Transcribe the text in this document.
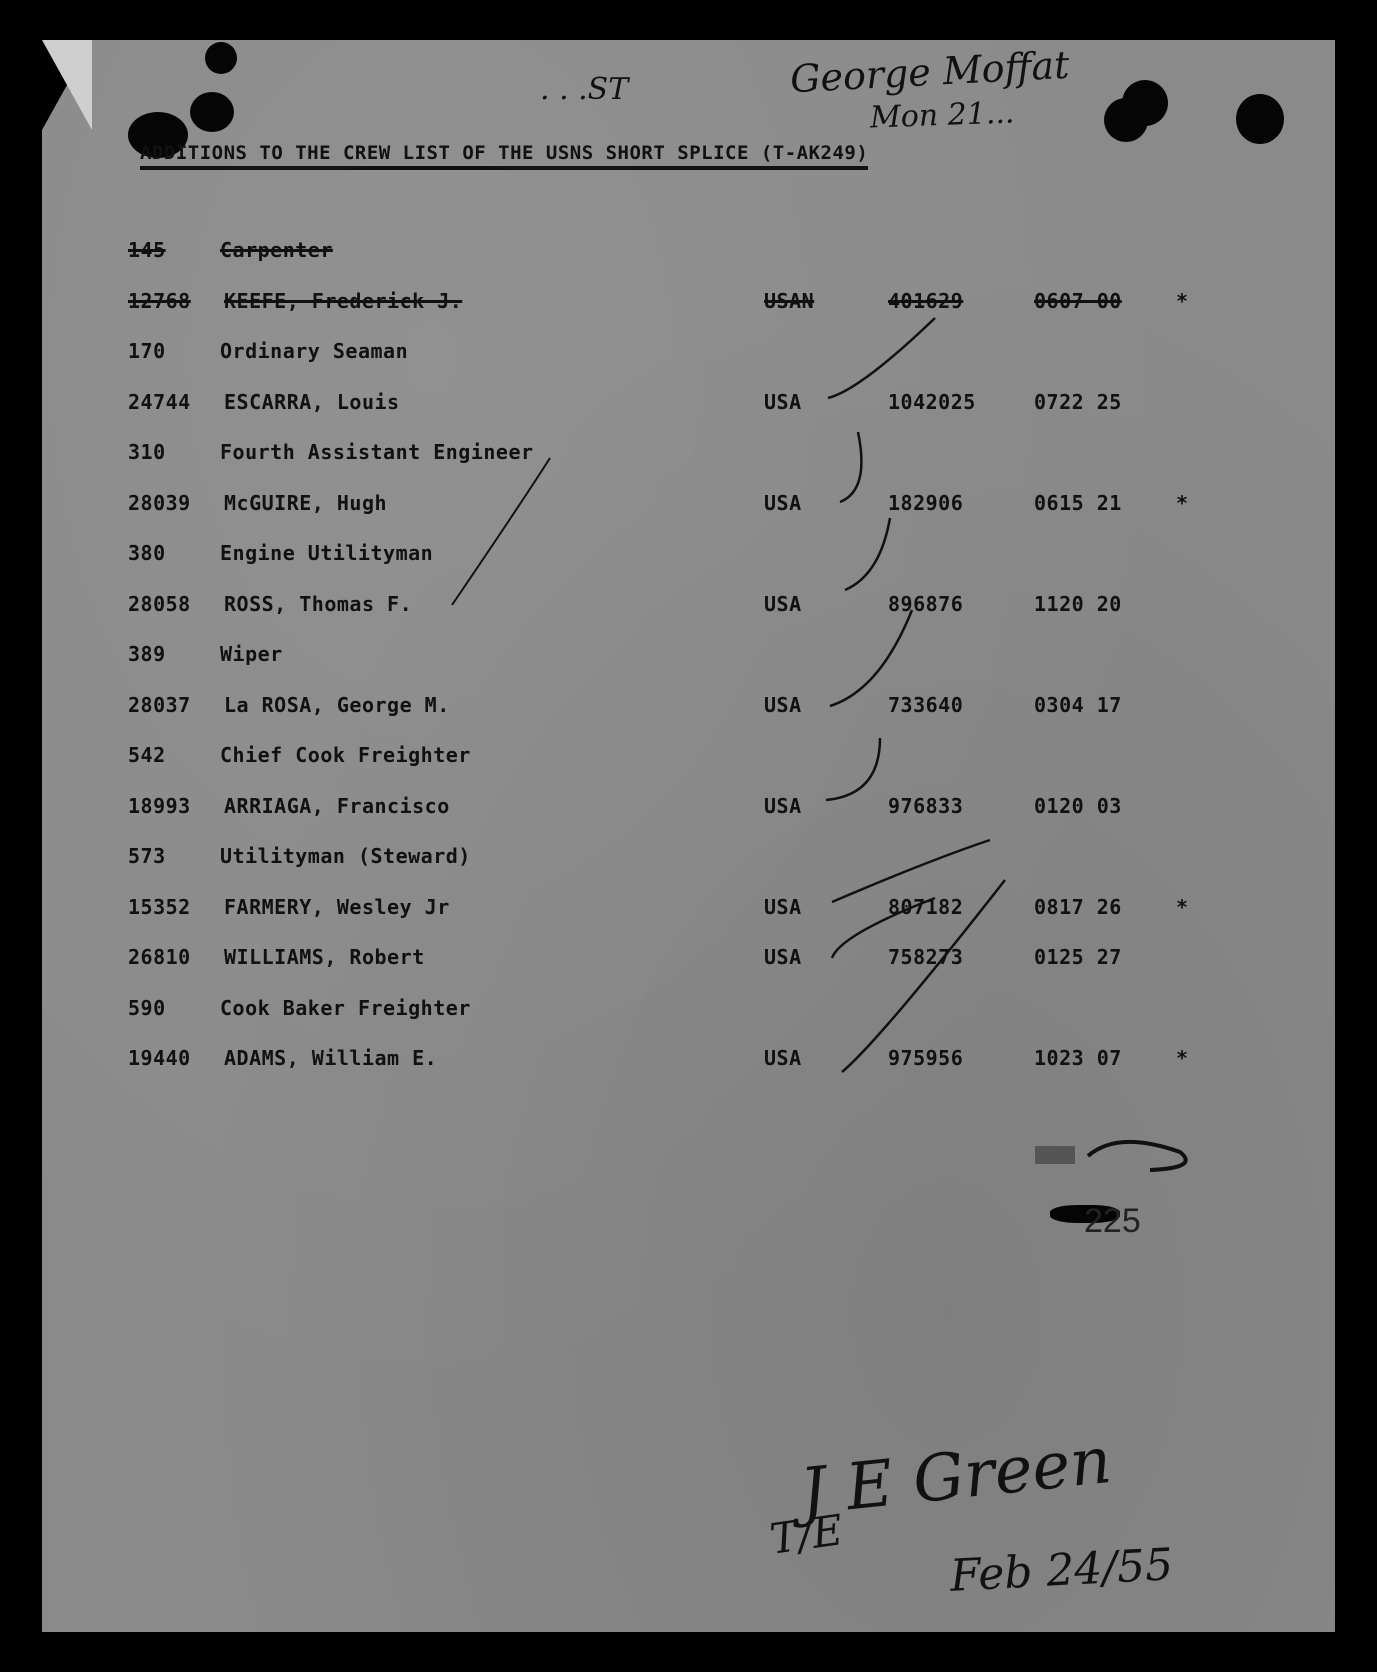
. . .ST	George Moffat
Mon 21...
ADDITIONS TO THE CREW LIST OF THE USNS SHORT SPLICE (T-AK249)
145	Carpenter
12768 KEEFE, Frederick J.	USAN	401629	0607 00	*
170	Ordinary Seaman
24744 ESCARRA, Louis	USA	1042025	0722 25
310	Fourth Assistant Engineer
28039 McGUIRE, Hugh	USA	182906	0615 21	*
380	Engine Utilityman
28058 ROSS, Thomas F.	USA	896876	1120 20
389	Wiper
28037 La ROSA, George M.	USA	733640	0304 17
542	Chief Cook Freighter
18993 ARRIAGA, Francisco	USA	976833	0120 03
573	Utilityman (Steward)
15352 FARMERY, Wesley Jr	USA	807182	0817 26	*
26810 WILLIAMS, Robert	USA	758273	0125 27
590	Cook Baker Freighter
19440 ADAMS, William E.	USA	975956	1023 07	*
225
J E Green
T/E
Feb 24/55
